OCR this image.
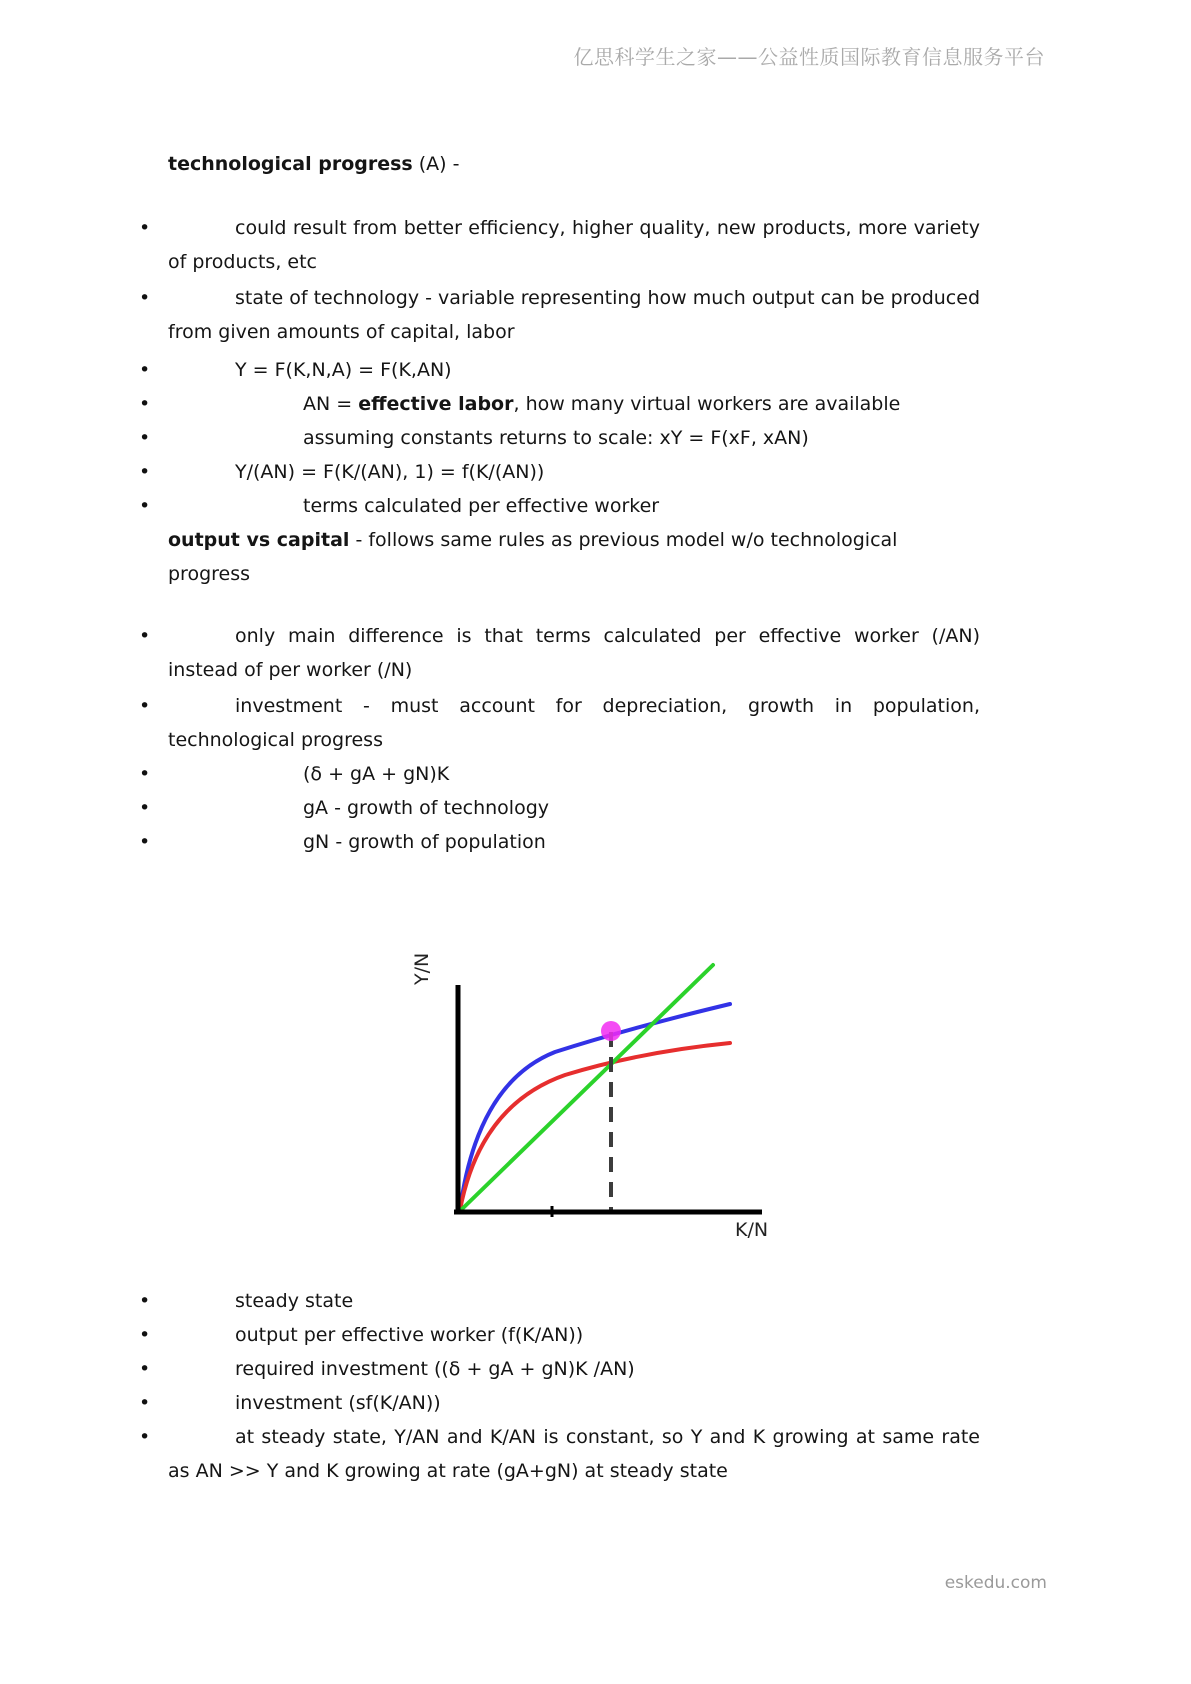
亿思科学生之家——公益性质国际教育信息服务平台
technological progress (A) -
•	could result from better efficiency, higher quality, new products, more variety of products, etc
•	state of technology - variable representing how much output can be produced from given amounts of capital, labor
•	Y = F(K,N,A) = F(K,AN)
•	AN = effective labor, how many virtual workers are available
•	assuming constants returns to scale: xY = F(xF, xAN)
•	Y/(AN) = F(K/(AN), 1) = f(K/(AN))
•	terms calculated per effective worker
output vs capital - follows same rules as previous model w/o technological progress
•	only main difference is that terms calculated per effective worker (/AN) instead of per worker (/N)
•	investment - must account for depreciation, growth in population, technological progress
•	(δ + gA + gN)K
•	gA - growth of technology
•	gN - growth of population
Y/N
K/N
•	steady state
•	output per effective worker (f(K/AN))
•	required investment ((δ + gA + gN)K /AN)
•	investment (sf(K/AN))
•	at steady state, Y/AN and K/AN is constant, so Y and K growing at same rate as AN >> Y and K growing at rate (gA+gN) at steady state
eskedu.com
